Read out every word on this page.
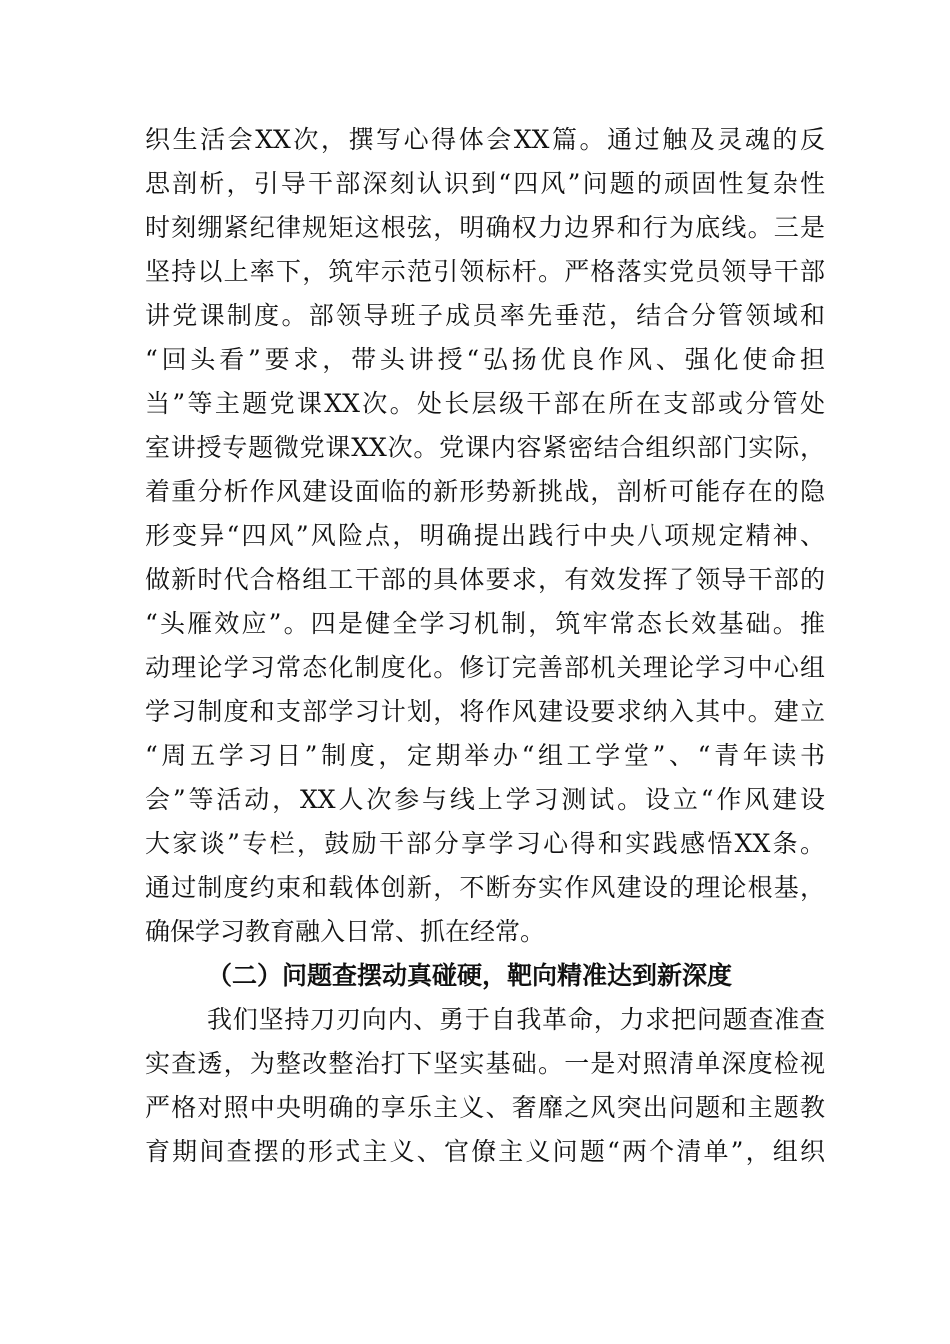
织生活会XX次，撰写心得体会XX篇。通过触及灵魂的反
思剖析，引导干部深刻认识到“四风”问题的顽固性复杂性
时刻绷紧纪律规矩这根弦，明确权力边界和行为底线。三是
坚持以上率下，筑牢示范引领标杆。严格落实党员领导干部
讲党课制度。部领导班子成员率先垂范，结合分管领域和
“回头看”要求，带头讲授“弘扬优良作风、强化使命担
当”等主题党课XX次。处长层级干部在所在支部或分管处
室讲授专题微党课XX次。党课内容紧密结合组织部门实际，
着重分析作风建设面临的新形势新挑战，剖析可能存在的隐
形变异“四风”风险点，明确提出践行中央八项规定精神、
做新时代合格组工干部的具体要求，有效发挥了领导干部的
“头雁效应”。四是健全学习机制，筑牢常态长效基础。推
动理论学习常态化制度化。修订完善部机关理论学习中心组
学习制度和支部学习计划，将作风建设要求纳入其中。建立
“周五学习日”制度，定期举办“组工学堂”、“青年读书
会”等活动，XX人次参与线上学习测试。设立“作风建设
大家谈”专栏，鼓励干部分享学习心得和实践感悟XX条。
通过制度约束和载体创新，不断夯实作风建设的理论根基，
确保学习教育融入日常、抓在经常。
（二）问题查摆动真碰硬，靶向精准达到新深度
我们坚持刀刃向内、勇于自我革命，力求把问题查准查
实查透，为整改整治打下坚实基础。一是对照清单深度检视
严格对照中央明确的享乐主义、奢靡之风突出问题和主题教
育期间查摆的形式主义、官僚主义问题“两个清单”，组织
